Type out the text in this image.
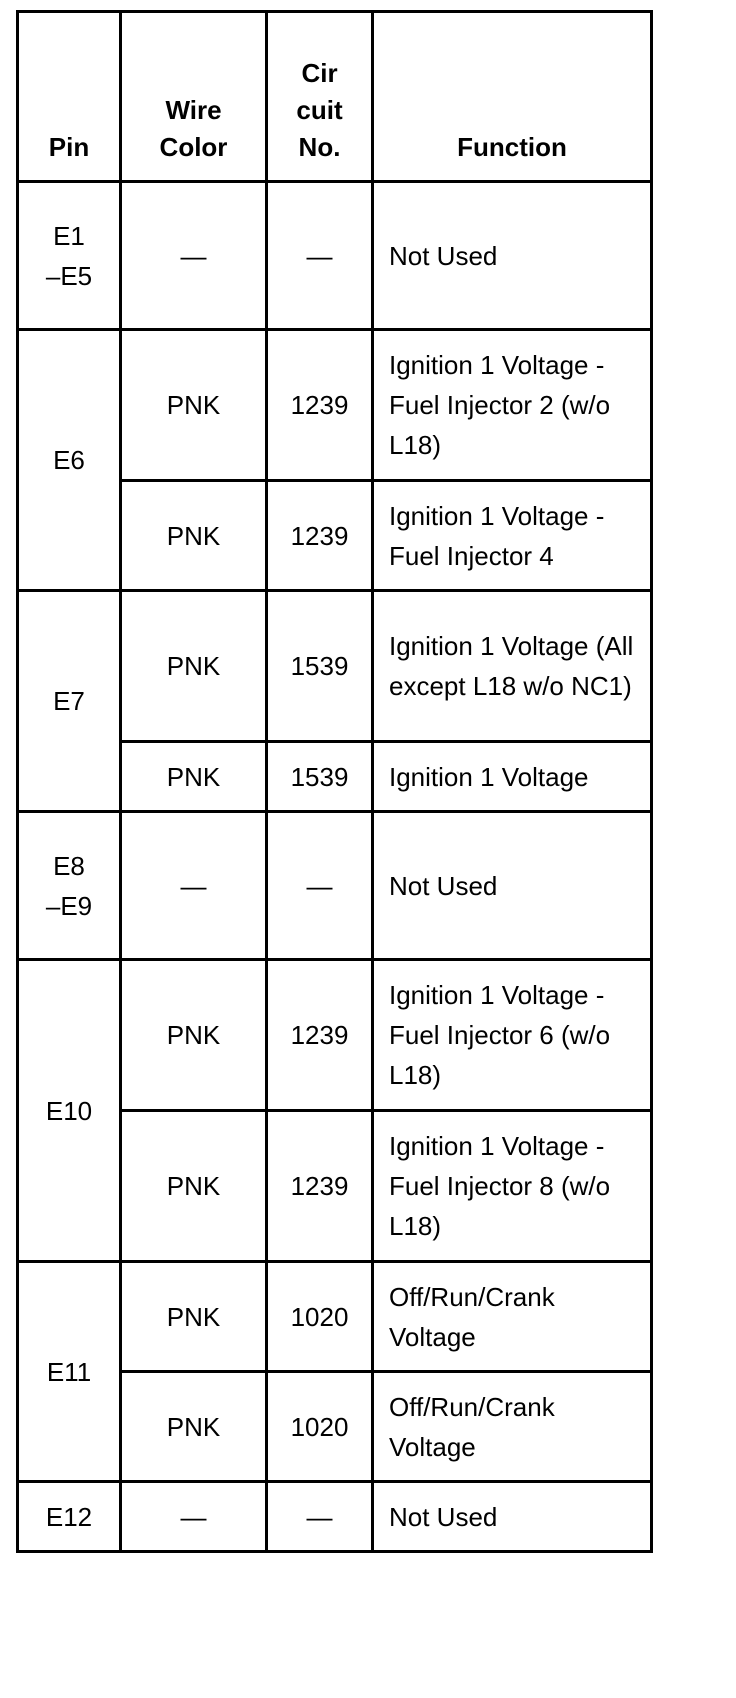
Pin	Wire Color	Cir cuit No.	Function

E1 –E5	—	—	Not Used

E6	PNK	1239	Ignition 1 Voltage - Fuel Injector 2 (w/o L18)
	PNK	1239	Ignition 1 Voltage - Fuel Injector 4

E7	PNK	1539	Ignition 1 Voltage (All except L18 w/o NC1)
	PNK	1539	Ignition 1 Voltage

E8 –E9	—	—	Not Used

E10	PNK	1239	Ignition 1 Voltage - Fuel Injector 6 (w/o L18)
	PNK	1239	Ignition 1 Voltage - Fuel Injector 8 (w/o L18)

E11	PNK	1020	Off/Run/Crank Voltage
	PNK	1020	Off/Run/Crank Voltage

E12	—	—	Not Used
